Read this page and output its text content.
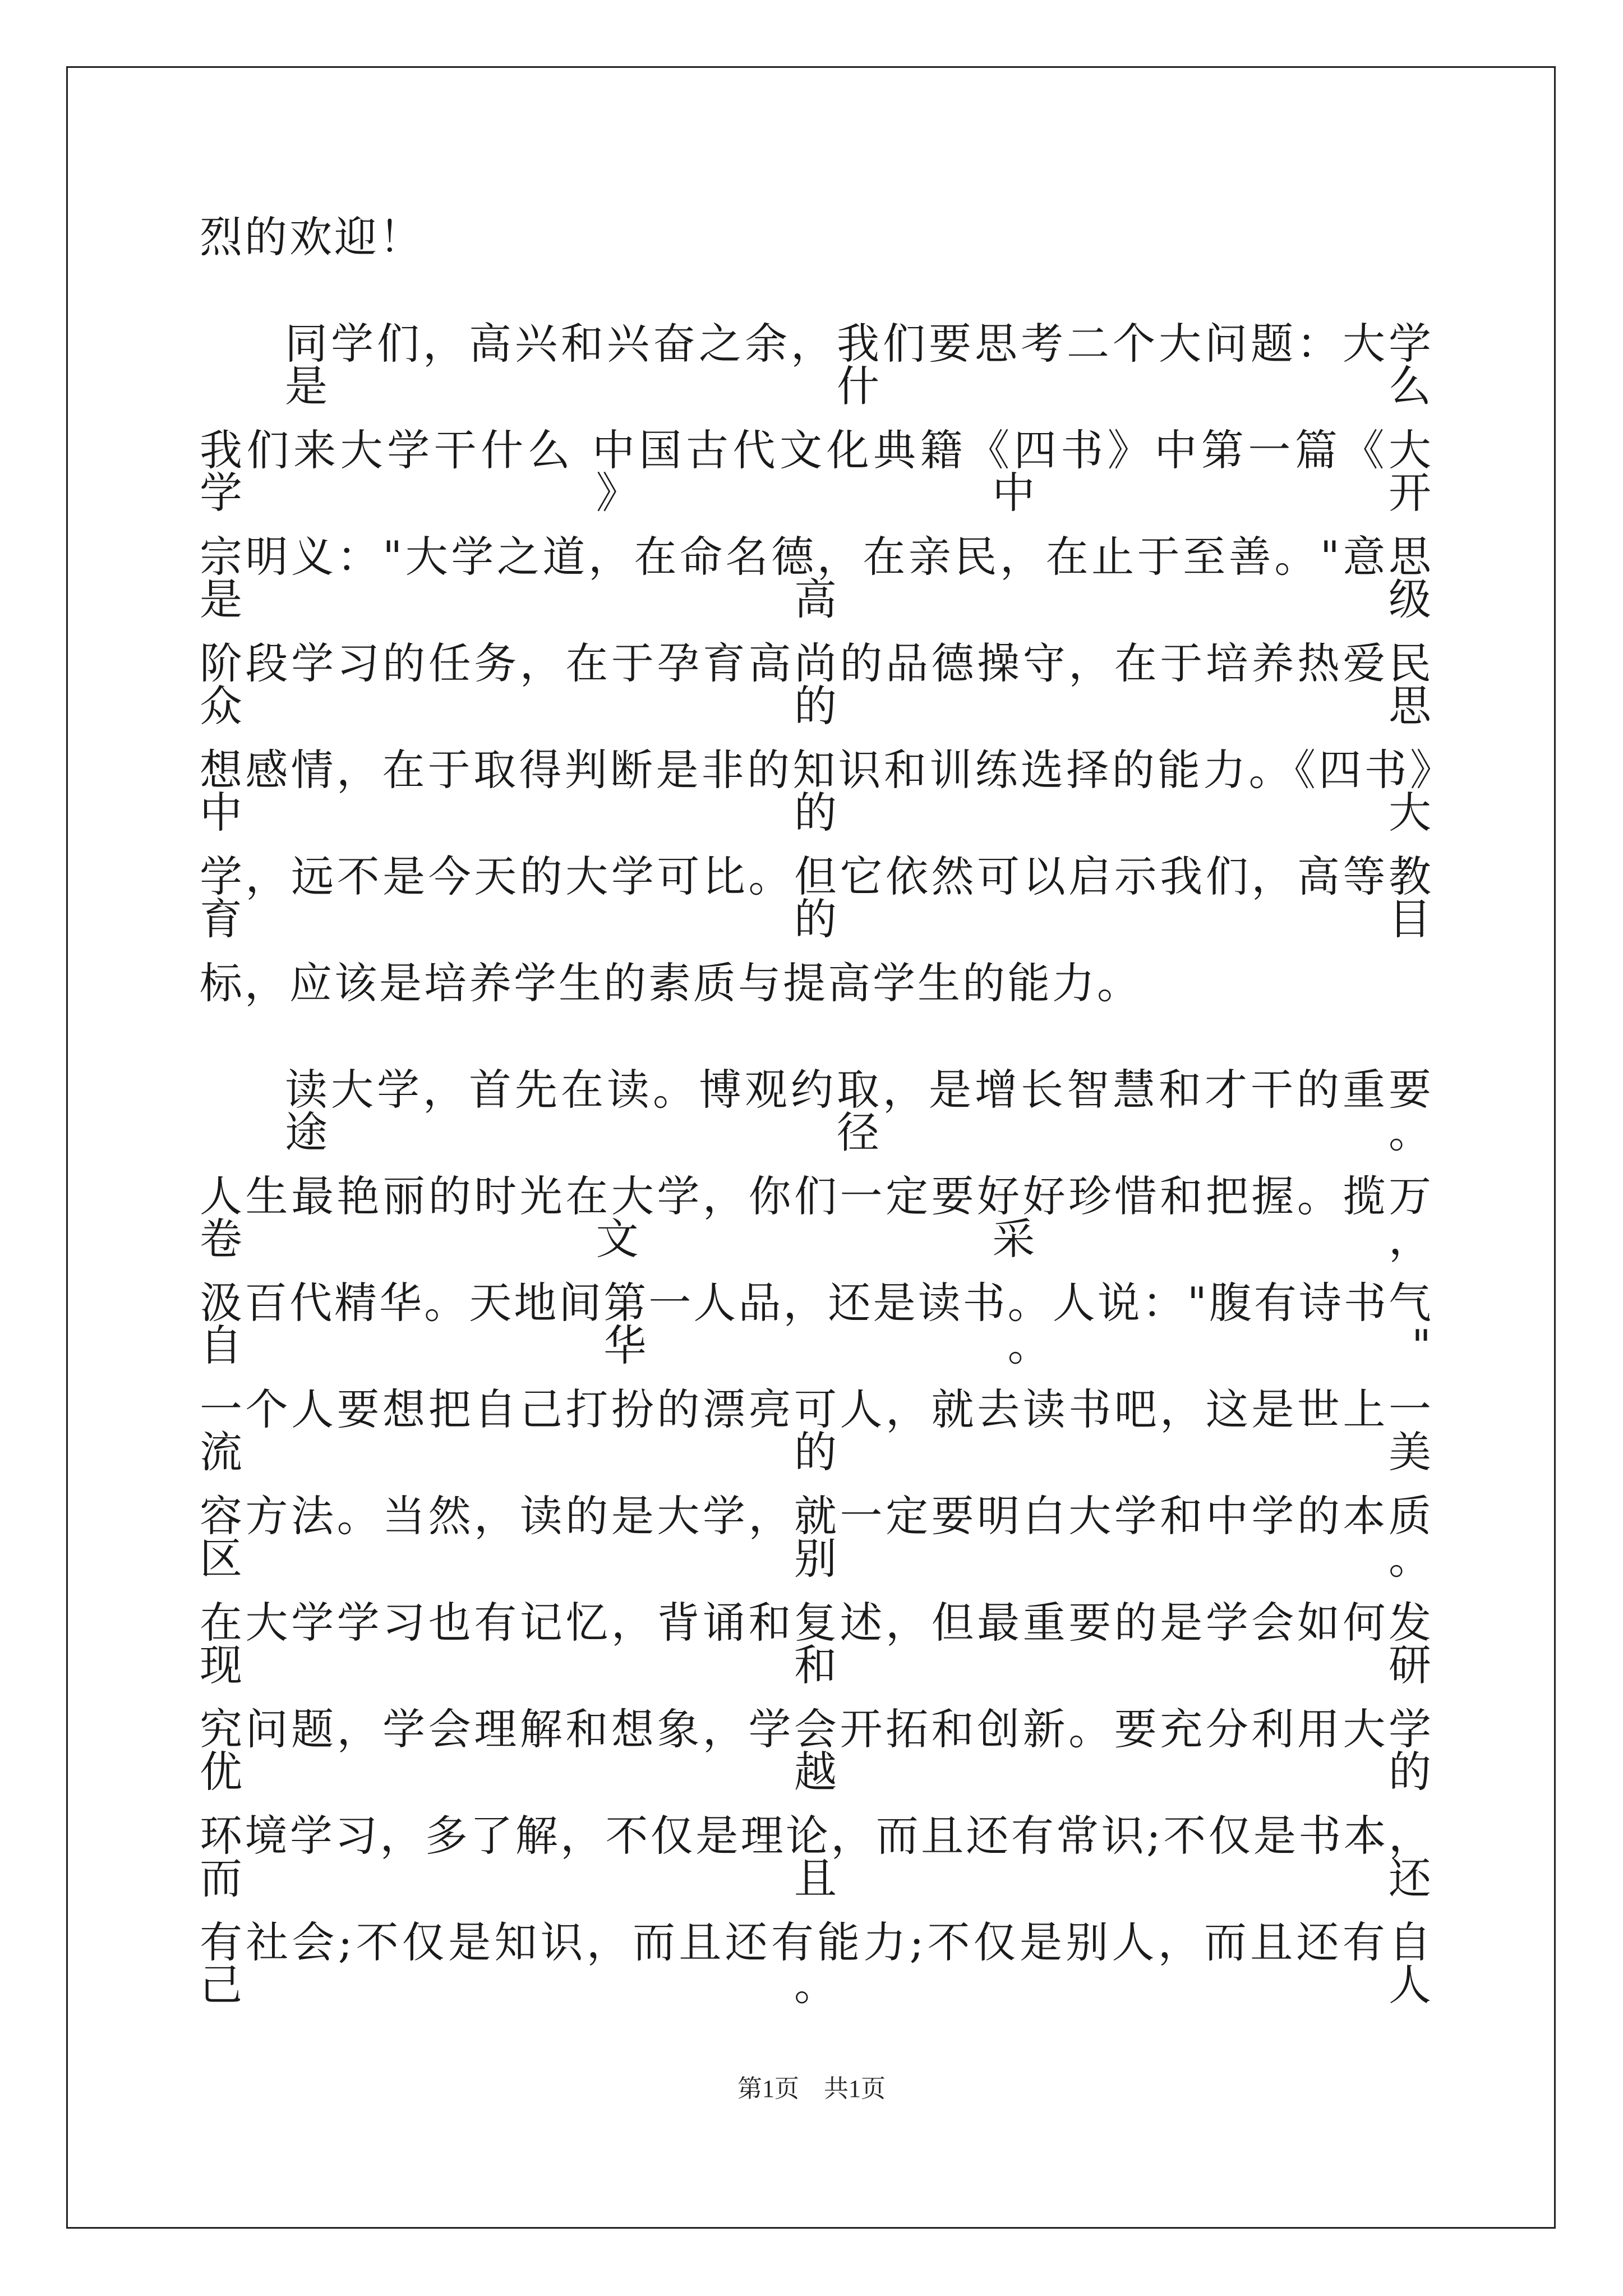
烈的欢迎！
同学们，高兴和兴奋之余，我们要思考二个大问题：大学是什么
我们来大学干什么 中国古代文化典籍《四书》中第一篇《大学》中开
宗明义："大学之道，在命名德，在亲民，在止于至善。"意思是高级
阶段学习的任务，在于孕育高尚的品德操守，在于培养热爱民众的思
想感情，在于取得判断是非的知识和训练选择的能力。《四书》中的大
学，远不是今天的大学可比。但它依然可以启示我们，高等教育的目
标，应该是培养学生的素质与提高学生的能力。
读大学，首先在读。博观约取，是增长智慧和才干的重要途径。
人生最艳丽的时光在大学，你们一定要好好珍惜和把握。揽万卷文采，
汲百代精华。天地间第一人品，还是读书。人说："腹有诗书气自华。"
一个人要想把自己打扮的漂亮可人，就去读书吧，这是世上一流的美
容方法。当然，读的是大学，就一定要明白大学和中学的本质区别。
在大学学习也有记忆，背诵和复述，但最重要的是学会如何发现和研
究问题，学会理解和想象，学会开拓和创新。要充分利用大学优越的
环境学习，多了解，不仅是理论，而且还有常识;不仅是书本，而且还
有社会;不仅是知识，而且还有能力;不仅是别人，而且还有自己。人
第1页　共1页
